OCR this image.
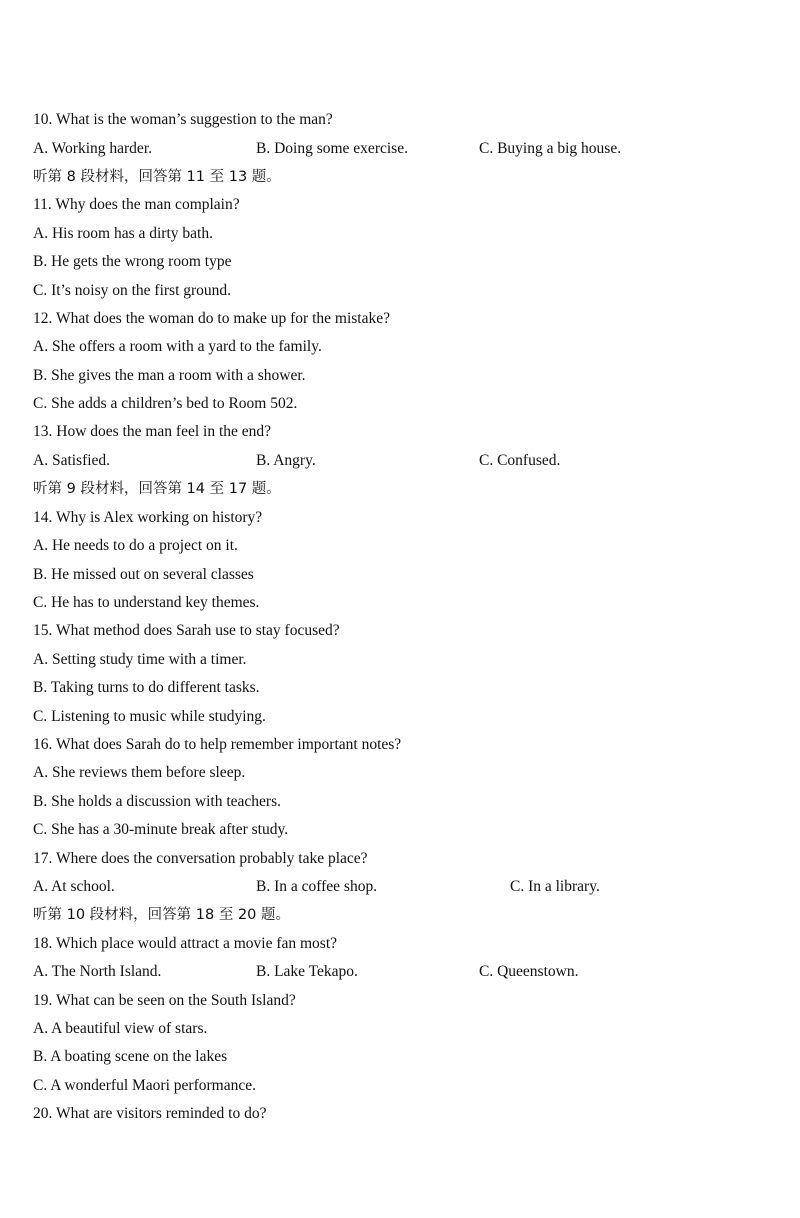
10. What is the woman’s suggestion to the man?
A. Working harder.	B. Doing some exercise.	C. Buying a big house.
听第 8 段材料，回答第 11 至 13 题。
11. Why does the man complain?
A. His room has a dirty bath.
B. He gets the wrong room type
C. It’s noisy on the first ground.
12. What does the woman do to make up for the mistake?
A. She offers a room with a yard to the family.
B. She gives the man a room with a shower.
C. She adds a children’s bed to Room 502.
13. How does the man feel in the end?
A. Satisfied.	B. Angry.	C. Confused.
听第 9 段材料，回答第 14 至 17 题。
14. Why is Alex working on history?
A. He needs to do a project on it.
B. He missed out on several classes
C. He has to understand key themes.
15. What method does Sarah use to stay focused?
A. Setting study time with a timer.
B. Taking turns to do different tasks.
C. Listening to music while studying.
16. What does Sarah do to help remember important notes?
A. She reviews them before sleep.
B. She holds a discussion with teachers.
C. She has a 30-minute break after study.
17. Where does the conversation probably take place?
A. At school.	B. In a coffee shop.	C. In a library.
听第 10 段材料，回答第 18 至 20 题。
18. Which place would attract a movie fan most?
A. The North Island.	B. Lake Tekapo.	C. Queenstown.
19. What can be seen on the South Island?
A. A beautiful view of stars.
B. A boating scene on the lakes
C. A wonderful Maori performance.
20. What are visitors reminded to do?
